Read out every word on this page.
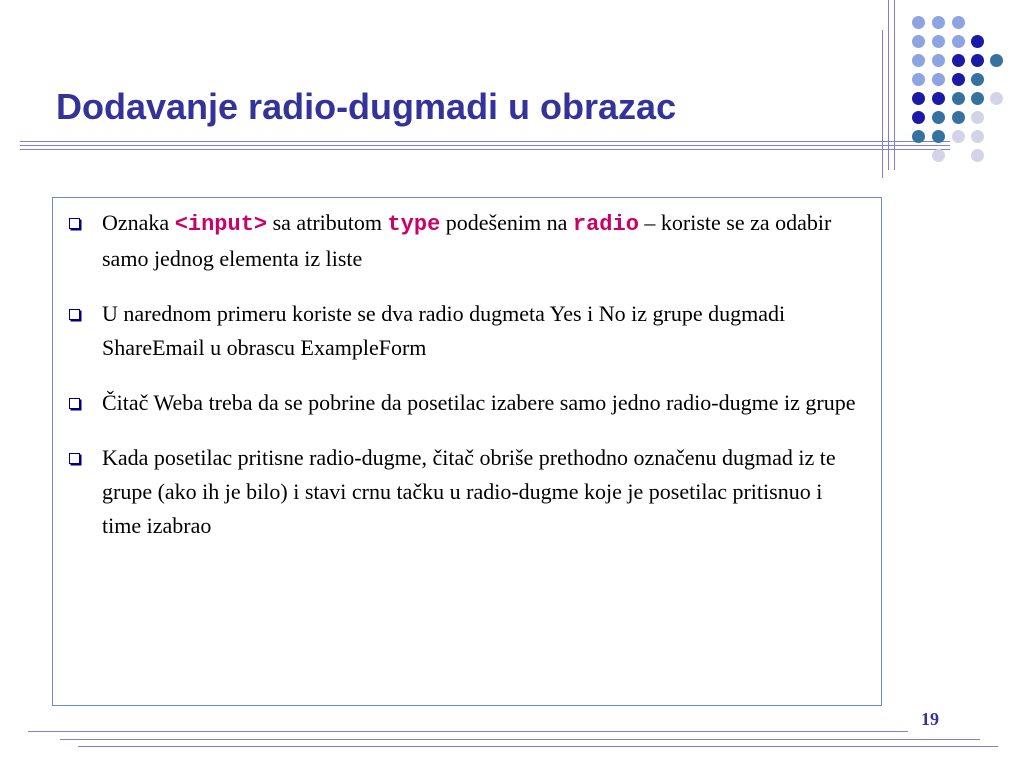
Dodavanje radio-dugmadi u obrazac
Oznaka <input> sa atributom type podešenim na radio – koriste se za odabir samo jednog elementa iz liste
U narednom primeru koriste se dva radio dugmeta Yes i No iz grupe dugmadi ShareEmail u obrascu ExampleForm
Čitač Weba treba da se pobrine da posetilac izabere samo jedno radio-dugme iz grupe
Kada posetilac pritisne radio-dugme, čitač obriše prethodno označenu dugmad iz te grupe (ako ih je bilo) i stavi crnu tačku u radio-dugme koje je posetilac pritisnuo i time izabrao
19
